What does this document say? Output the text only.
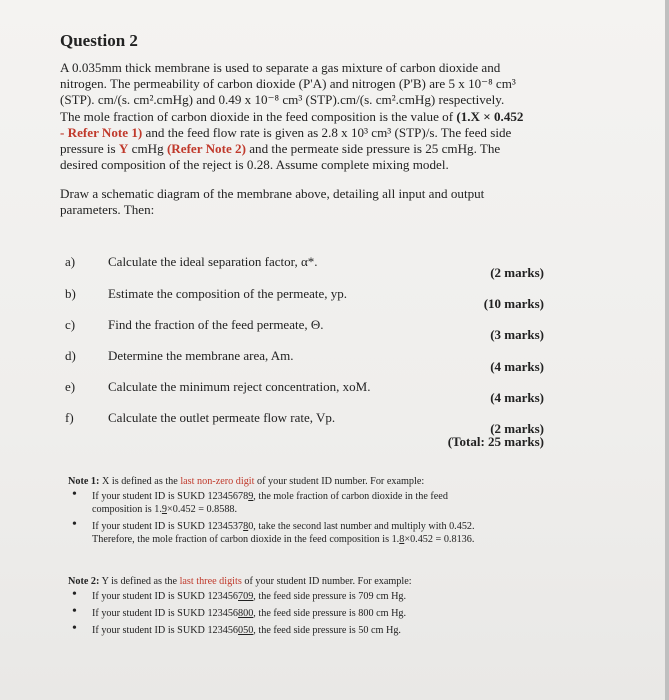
Question 2

A 0.035mm thick membrane is used to separate a gas mixture of carbon dioxide and
nitrogen. The permeability of carbon dioxide (P'A) and nitrogen (P'B) are 5 x 10⁻⁸ cm³
(STP). cm/(s. cm².cmHg) and 0.49 x 10⁻⁸ cm³ (STP).cm/(s. cm².cmHg) respectively.
The mole fraction of carbon dioxide in the feed composition is the value of (1.X × 0.452
- Refer Note 1) and the feed flow rate is given as 2.8 x 10³ cm³ (STP)/s. The feed side
pressure is Y cmHg (Refer Note 2) and the permeate side pressure is 25 cmHg. The
desired composition of the reject is 0.28. Assume complete mixing model.

Draw a schematic diagram of the membrane above, detailing all input and output
parameters. Then:

a)	Calculate the ideal separation factor, α*.
(2 marks)
b) Estimate the composition of the permeate, yp.
(10 marks)
c)	Find the fraction of the feed permeate, Θ.
(3 marks)
d) Determine the membrane area, Am.
(4 marks)
e)	Calculate the minimum reject concentration, xoM.
(4 marks)
f)	Calculate the outlet permeate flow rate, Vp.
(2 marks)
(Total: 25 marks)
Note 1: X is defined as the last non-zero digit of your student ID number. For example:
• If your student ID is SUKD 123456789, the mole fraction of carbon dioxide in the feed
composition is 1.9×0.452 = 0.8588.
• If your student ID is SUKD 123453780, take the second last number and multiply with 0.452.
Therefore, the mole fraction of carbon dioxide in the feed composition is 1.8×0.452 = 0.8136.
Note 2: Y is defined as the last three digits of your student ID number. For example:
• If your student ID is SUKD 123456709, the feed side pressure is 709 cm Hg.
• If your student ID is SUKD 123456800, the feed side pressure is 800 cm Hg.
• If your student ID is SUKD 123456050, the feed side pressure is 50 cm Hg.
